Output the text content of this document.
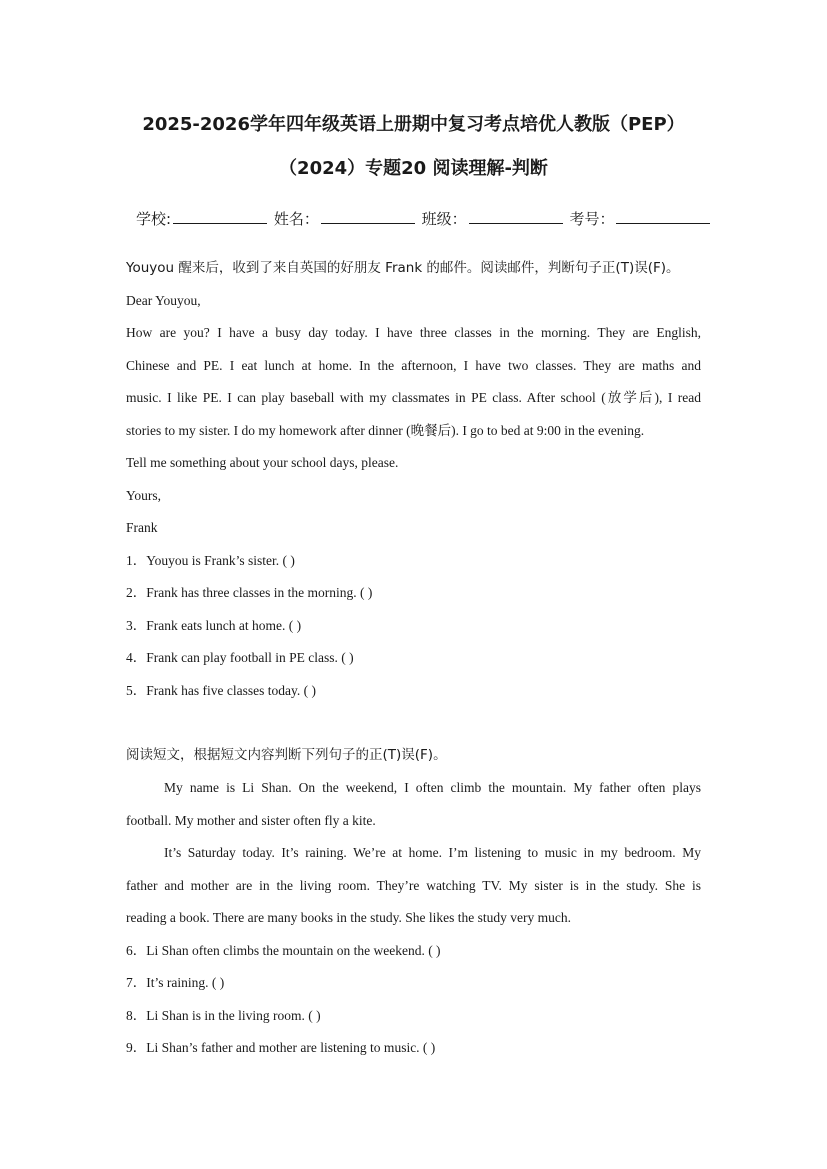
2025-2026学年四年级英语上册期中复习考点培优人教版（PEP）
（2024）专题20 阅读理解-判断
学校:	姓名：	班级：	考号：
Youyou 醒来后，收到了来自英国的好朋友 Frank 的邮件。阅读邮件，判断句子正(T)误(F)。
Dear Youyou,
How are you? I have a busy day today. I have three classes in the morning. They are English,
Chinese and PE. I eat lunch at home. In the afternoon, I have two classes. They are maths and
music. I like PE. I can play baseball with my classmates in PE class. After school (放学后), I read
stories to my sister. I do my homework after dinner (晚餐后). I go to bed at 9:00 in the evening.
Tell me something about your school days, please.
Yours,
Frank
1．Youyou is Frank’s sister. ( )
2．Frank has three classes in the morning. ( )
3．Frank eats lunch at home. ( )
4．Frank can play football in PE class. ( )
5．Frank has five classes today. ( )
阅读短文，根据短文内容判断下列句子的正(T)误(F)。
My name is Li Shan. On the weekend, I often climb the mountain. My father often plays
football. My mother and sister often fly a kite.
It’s Saturday today. It’s raining. We’re at home. I’m listening to music in my bedroom. My
father and mother are in the living room. They’re watching TV. My sister is in the study. She is
reading a book. There are many books in the study. She likes the study very much.
6．Li Shan often climbs the mountain on the weekend. ( )
7．It’s raining. ( )
8．Li Shan is in the living room. ( )
9．Li Shan’s father and mother are listening to music. ( )
